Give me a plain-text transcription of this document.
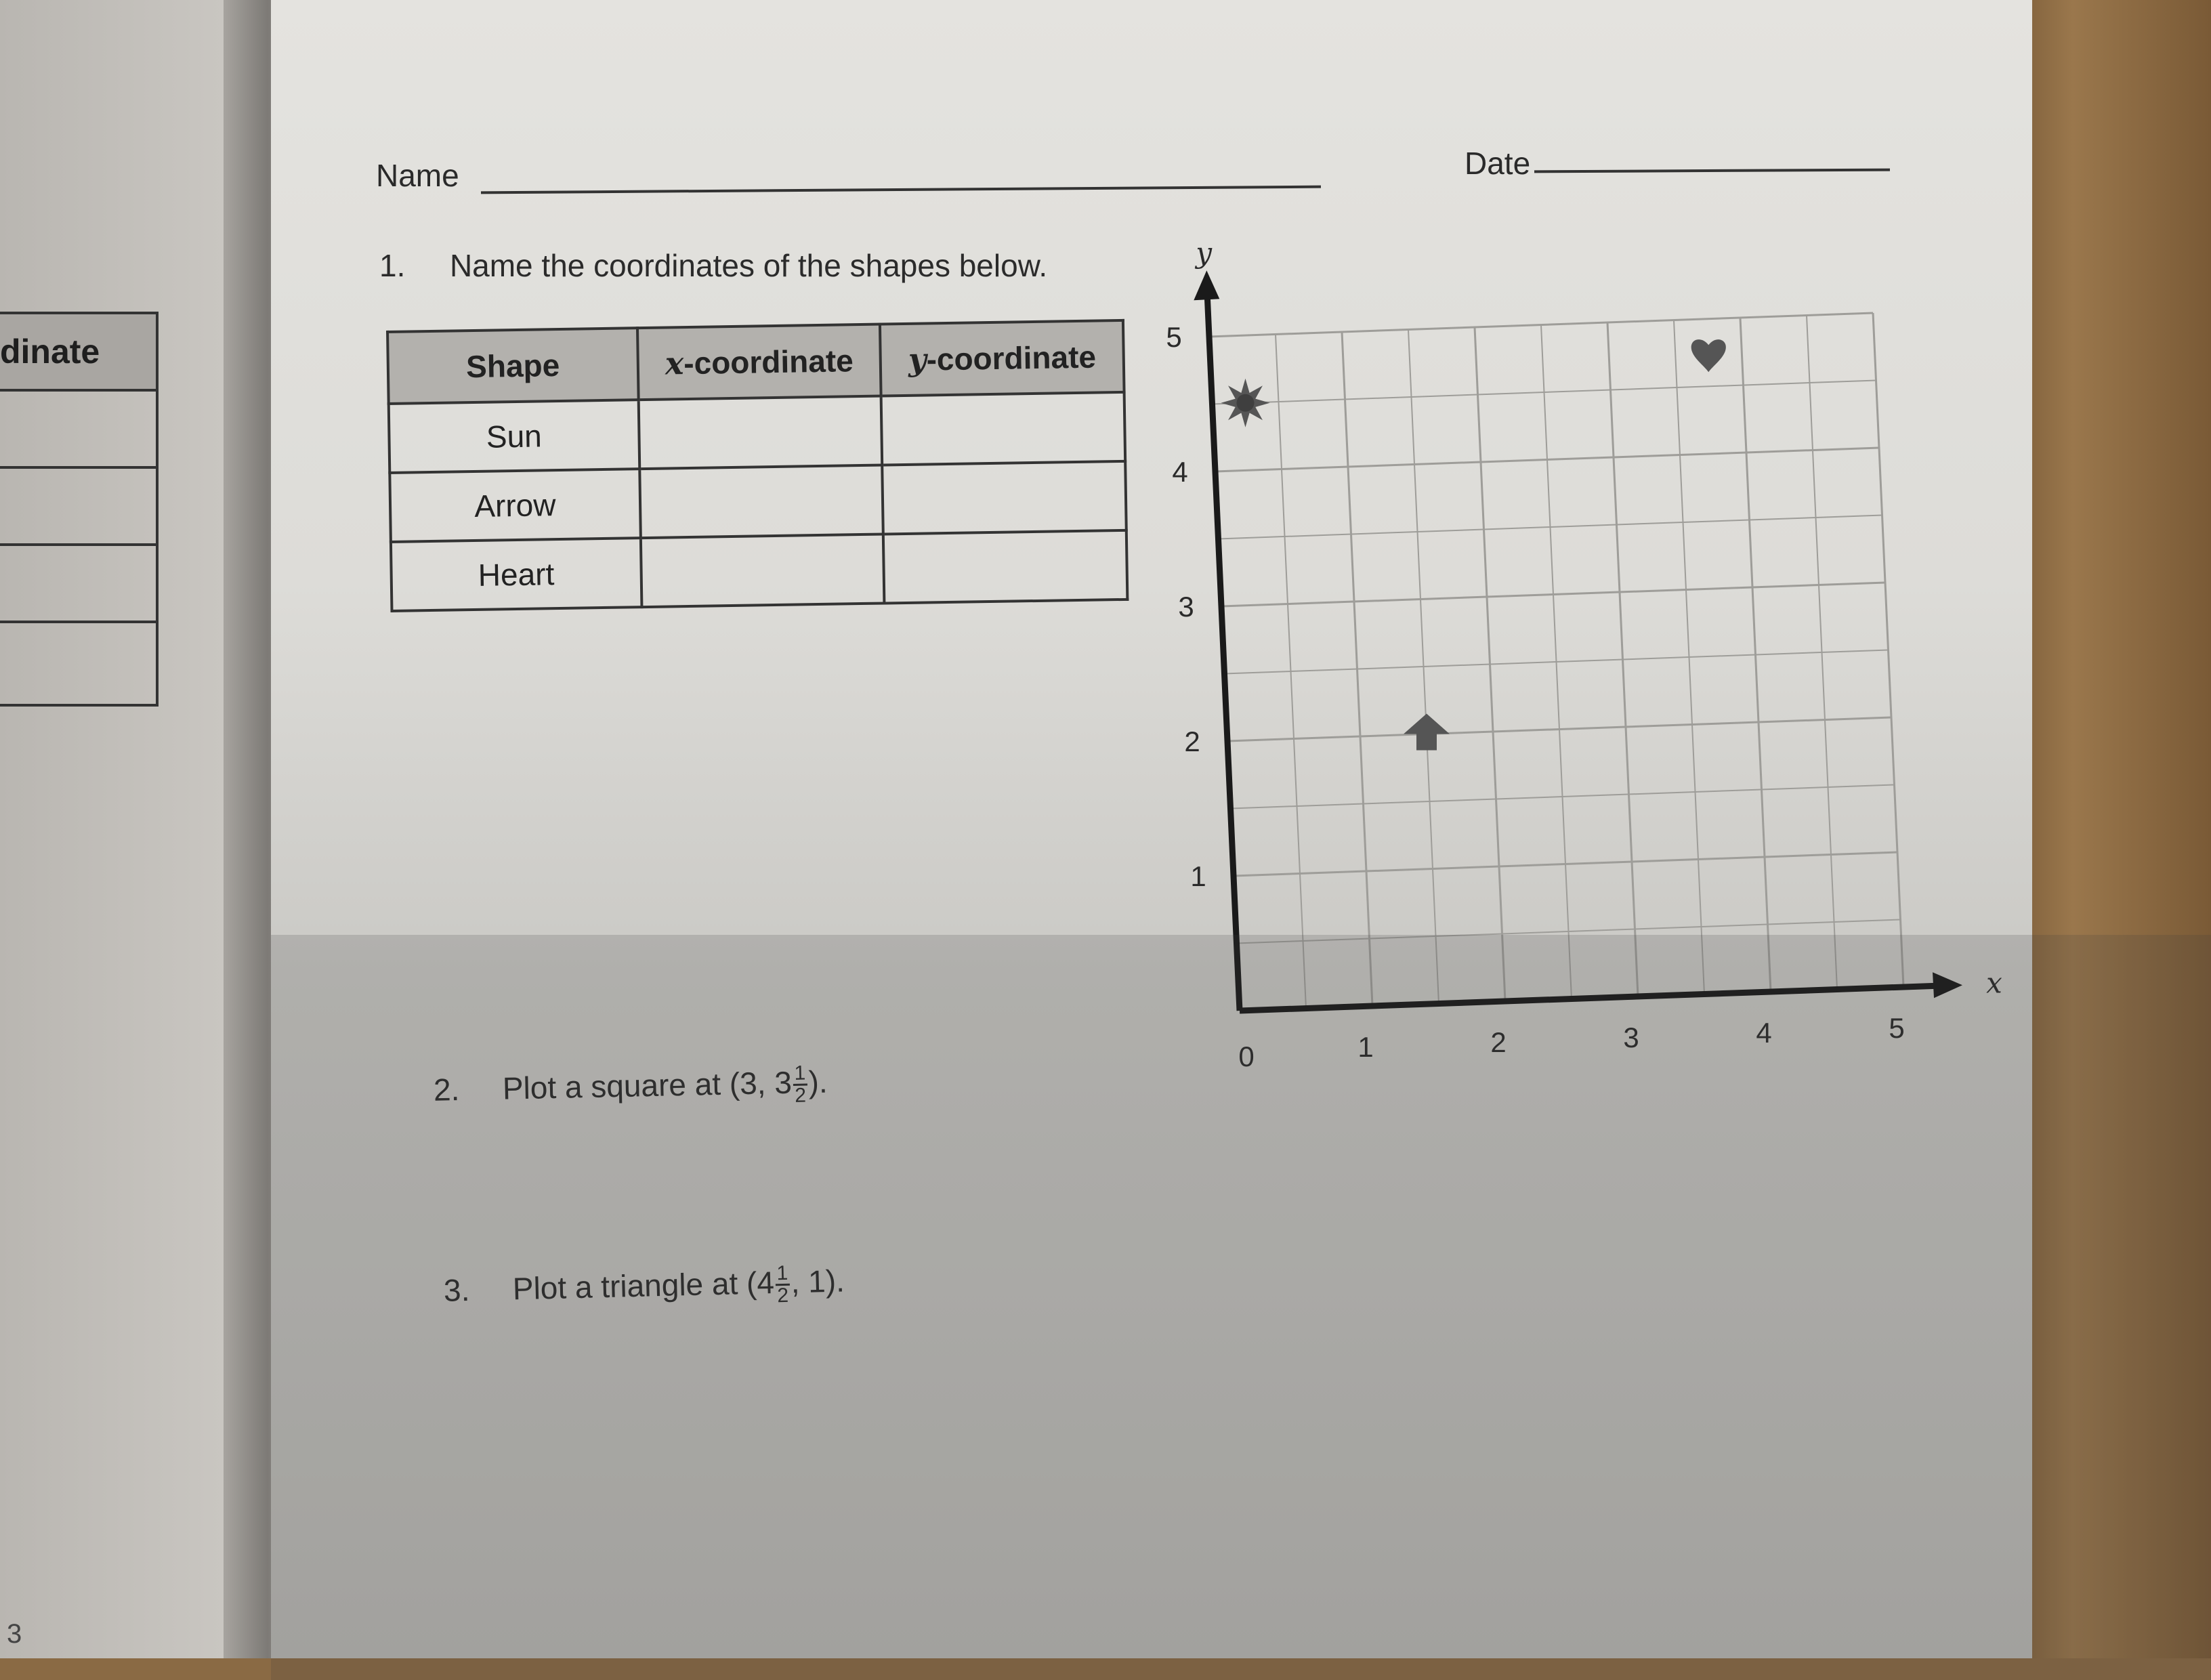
dinate
3
Name	Date
1. Name the coordinates of the shapes below.
Shape	x-coordinate	y-coordinate
Sun		
Arrow		
Heart		
0
x
y
1	2	3	4	5
1
2
3
4
5
2. Plot a square at (3, $3 \frac{1}{2}$ ).
3. Plot a triangle at ($4 \frac{1}{2}$ , 1).
